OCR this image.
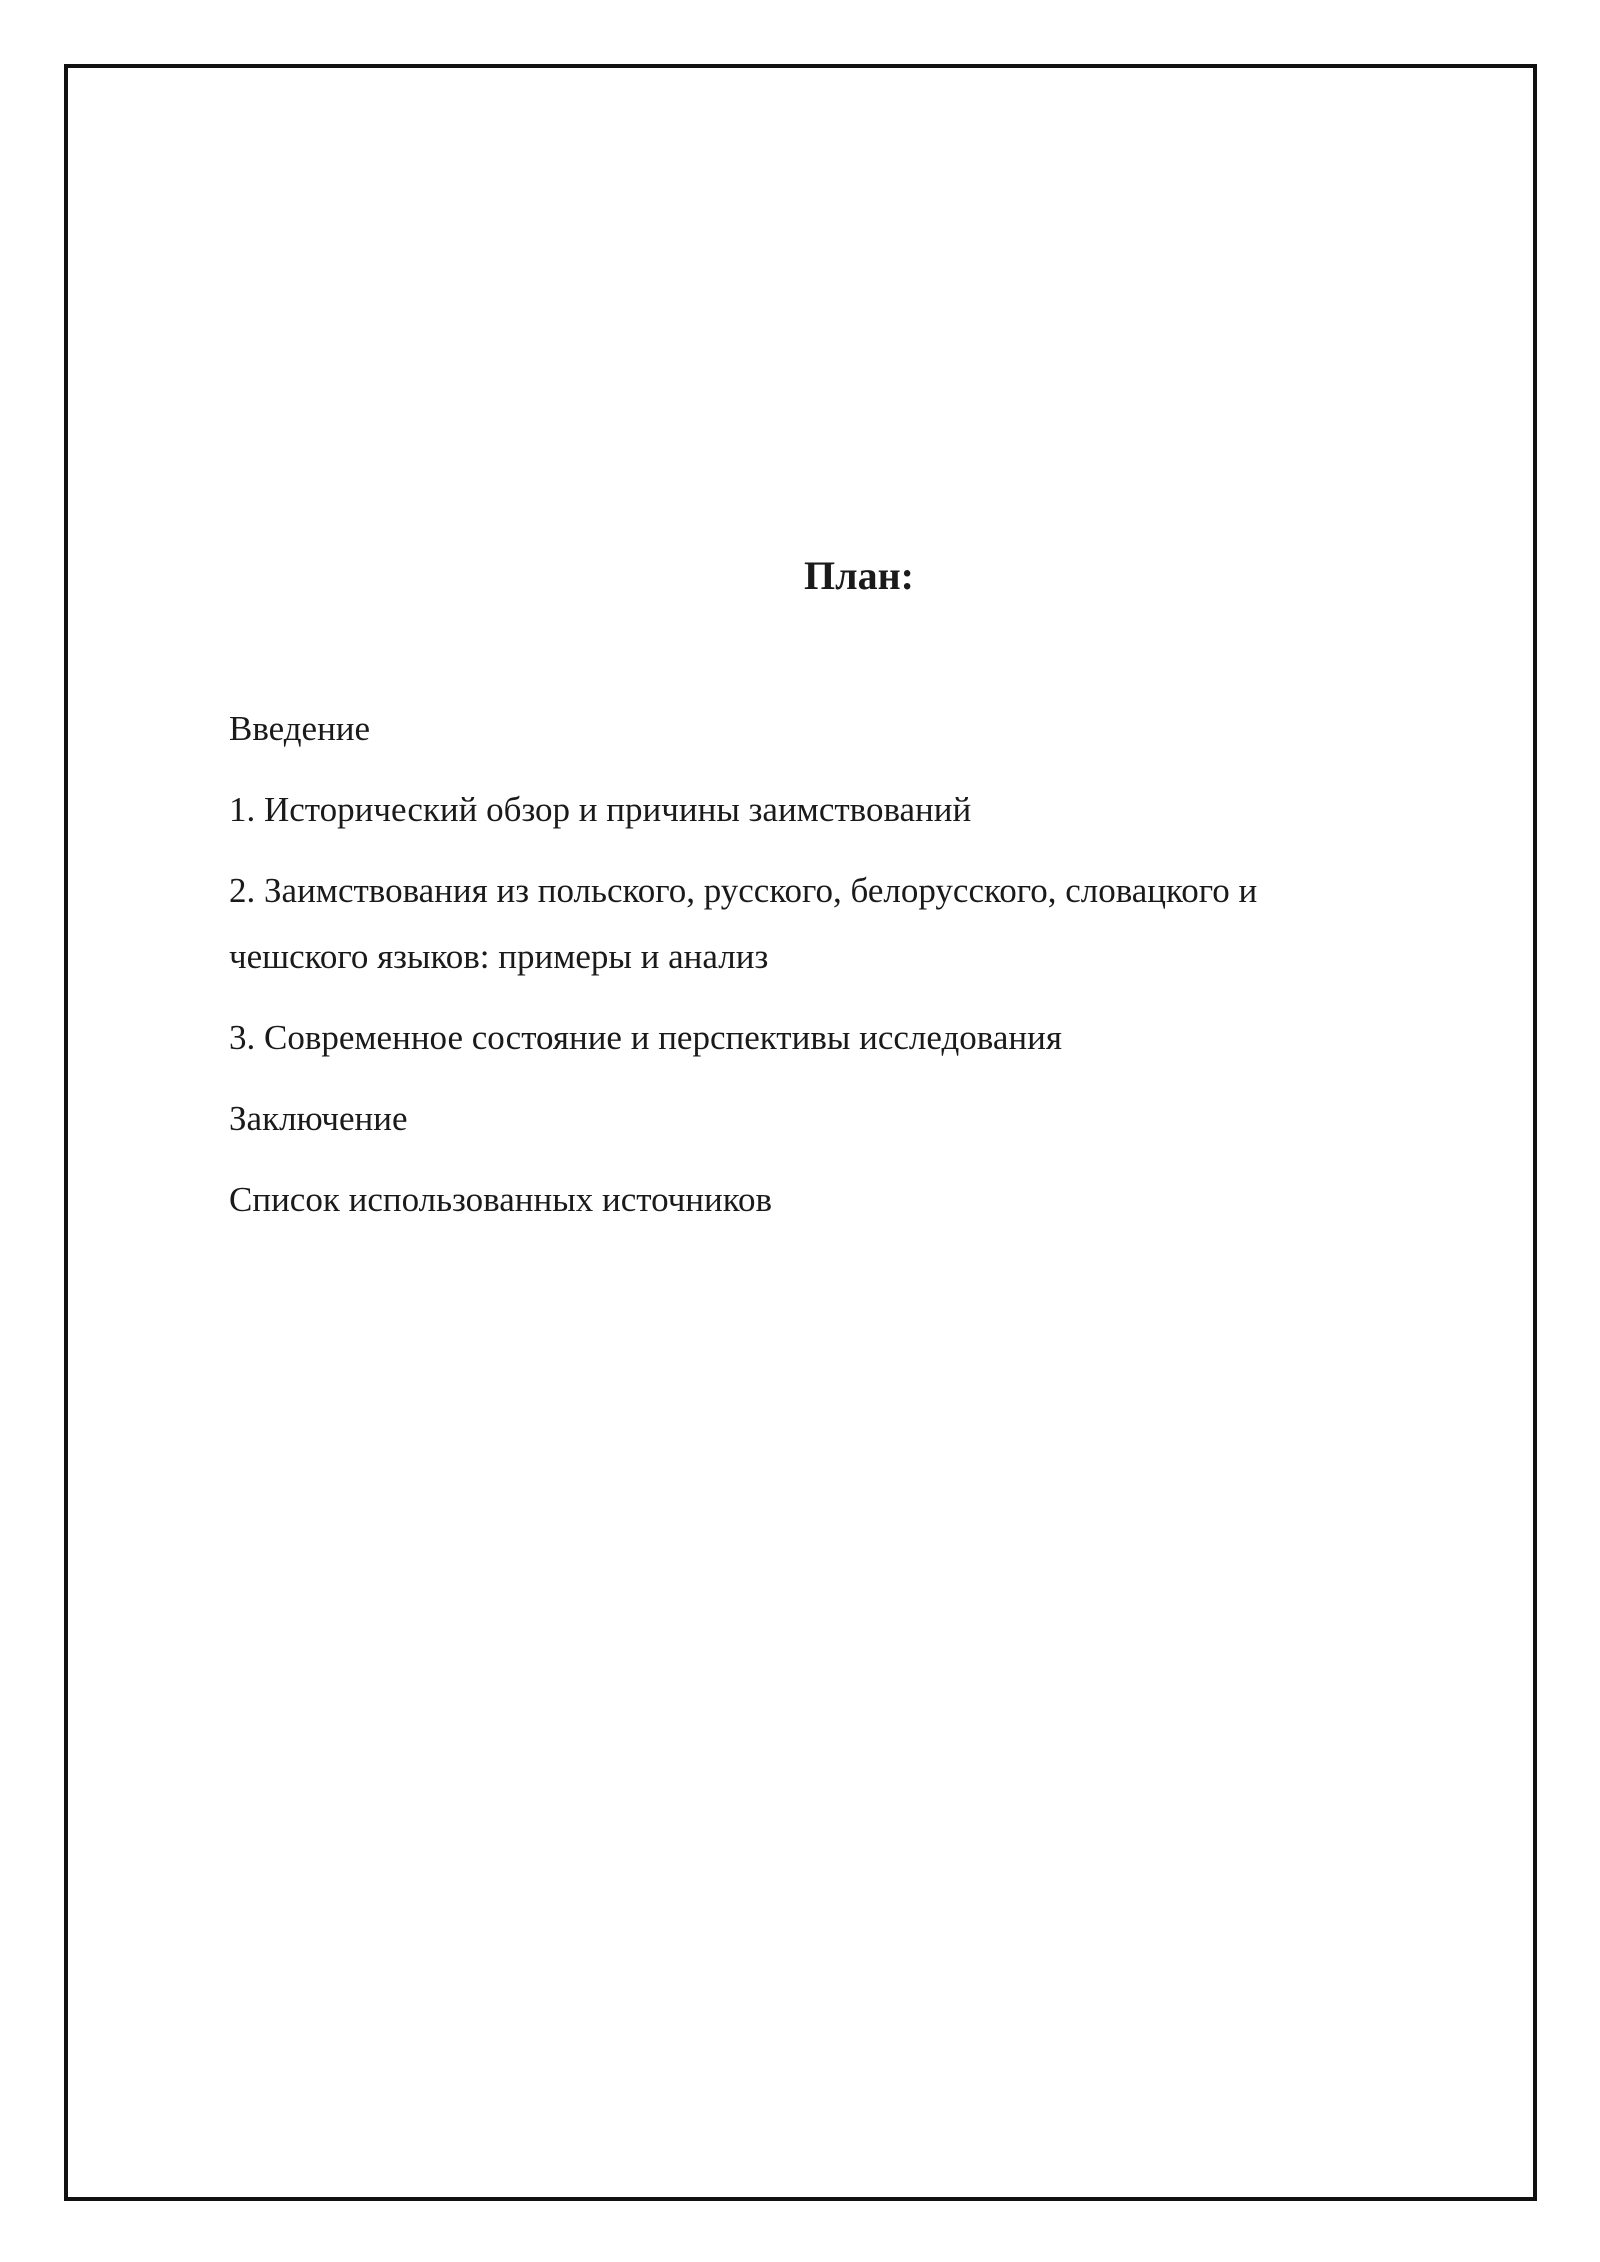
План:
Введение
1. Исторический обзор и причины заимствований
2. Заимствования из польского, русского, белорусского, словацкого и чешского языков: примеры и анализ
3. Современное состояние и перспективы исследования
Заключение
Список использованных источников
